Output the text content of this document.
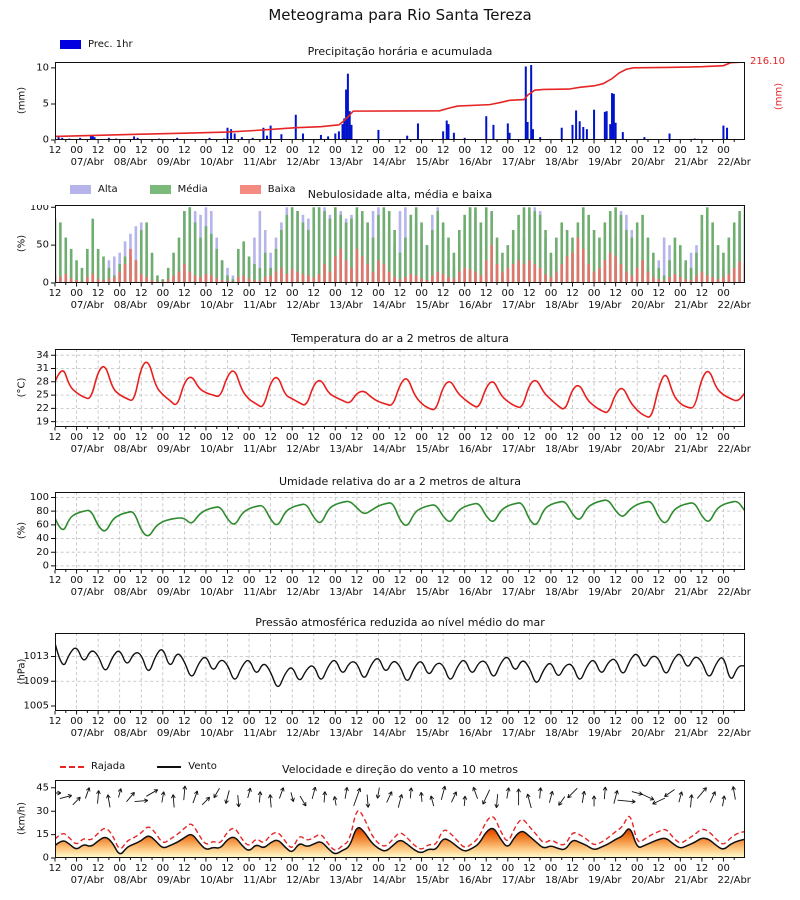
Meteograma para Rio Santa Tereza
Prec. 1hr
Precipitação horária e acumulada
Alta	Média	Baixa	Nebulosidade alta, média e baixa
Temperatura do ar a 2 metros de altura
Umidade relativa do ar a 2 metros de altura
Pressão atmosférica reduzida ao nível médio do mar
Rajada	Vento	Velocidade e direção do vento a 10 metros
